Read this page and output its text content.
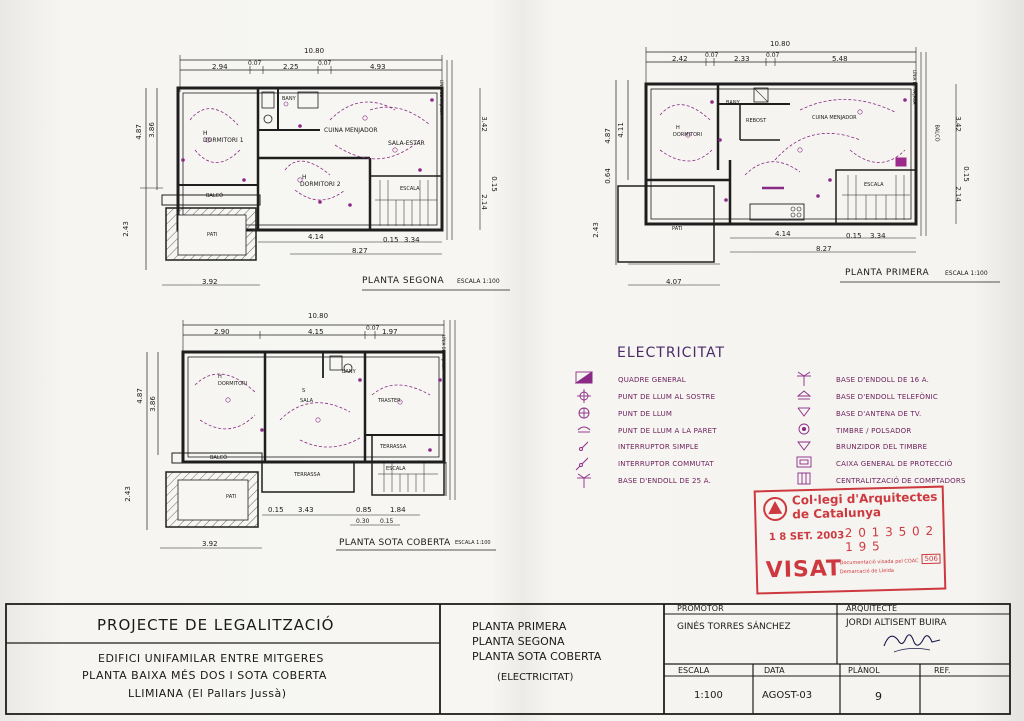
10.80
2.94	0.07	2.25	0.07	4.93
4.87 3.86
2.43
3.42
0.15
2.14
4.14	0.15 3.34
8.27
3.92
LÍNIA DE FAÇANA
H
DORMITORI 1
BANY
CUINA MENJADOR
SALA-ESTAR
H
DORMITORI 2
BALCÓ
ESCALA
PATI
PLANTA SEGONA ESCALA 1:100
10.80
2.42	0.07 2.33	0.07	5.48
4.87 4.11
0.64
2.43
3.42
0.15
2.14
4.14	0.15 3.34
8.27
4.07
LÍNIA DE FAÇANA
BANY
REBOST	CUINA MENJADOR
H
DORMITORI
ESCALA
PATI
BALCÓ
PLANTA PRIMERA	ESCALA 1:100
10.80
2.90	4.15	0.07 1.97
4.87
3.86
2.43
0.15 3.43	0.85	1.84
0.30 0.15
3.92
LÍNIA DE FAÇANA
H
DORMITORI
BANY
SALA	TRASTER
S
TERRASSA
BALCÓ
TERRASSA
ESCALA
PATI
PLANTA SOTA COBERTA ESCALA 1:100
ELECTRICITAT
QUADRE GENERAL
PUNT DE LLUM AL SOSTRE
PUNT DE LLUM
PUNT DE LLUM A LA PARET
INTERRUPTOR SIMPLE
INTERRUPTOR COMMUTAT
BASE D'ENDOLL DE 25 A.
BASE D'ENDOLL DE 16 A.
BASE D'ENDOLL TELEFÒNIC
BASE D'ANTENA DE TV.
TIMBRE / POLSADOR
BRUNZIDOR DEL TIMBRE
CAIXA GENERAL DE PROTECCIÓ
CENTRALITZACIÓ DE COMPTADORS
Col·legi d'Arquitectes
de Catalunya
1 8 SET. 2003 2 0 1 3 5 0 2 1 9 5
VISAT
Documentació visada pel COAC
Demarcació de Lleida
506
PROJECTE DE LEGALITZACIÓ
EDIFICI UNIFAMILAR ENTRE MITGERES
PLANTA BAIXA MÉS DOS I SOTA COBERTA
LLIMIANA (El Pallars Jussà)
PLANTA PRIMERA
PLANTA SEGONA
PLANTA SOTA COBERTA
(ELECTRICITAT)
PROMOTOR
GINÉS TORRES SÁNCHEZ
ARQUITECTE
JORDI ALTISENT BUIRA
ESCALA
1:100
DATA
AGOST-03
PLÀNOL
9
REF.
